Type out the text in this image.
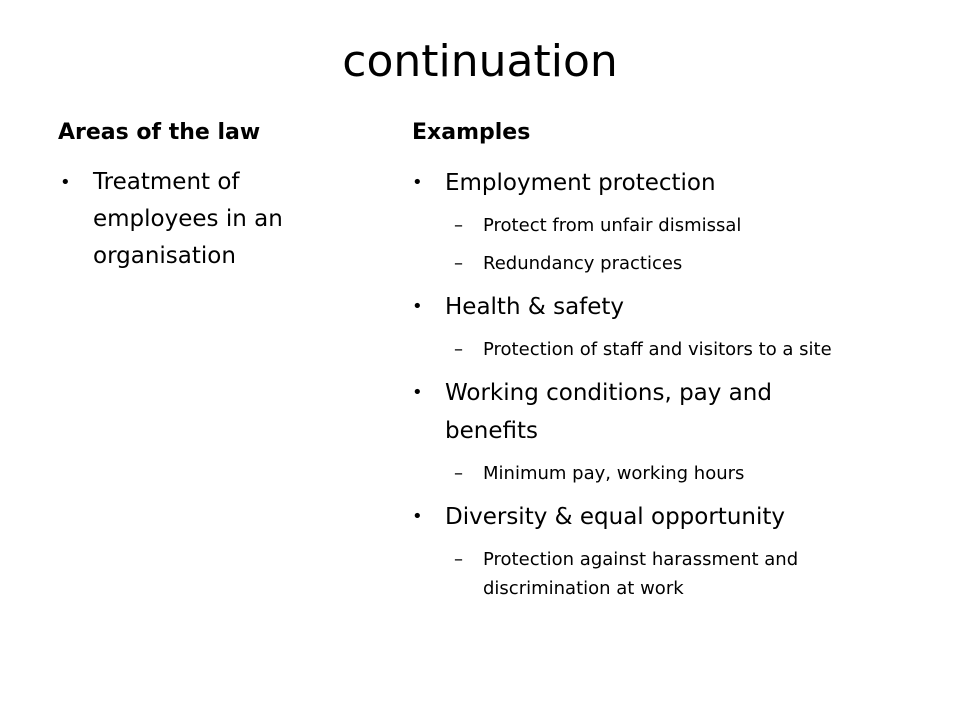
continuation
Areas of the law	Examples
• Treatment of employees in an organisation
• Employment protection
– Protect from unfair dismissal
– Redundancy practices
• Health & safety
– Protection of staff and visitors to a site
• Working conditions, pay and benefits
– Minimum pay, working hours
• Diversity & equal opportunity
– Protection against harassment and discrimination at work
